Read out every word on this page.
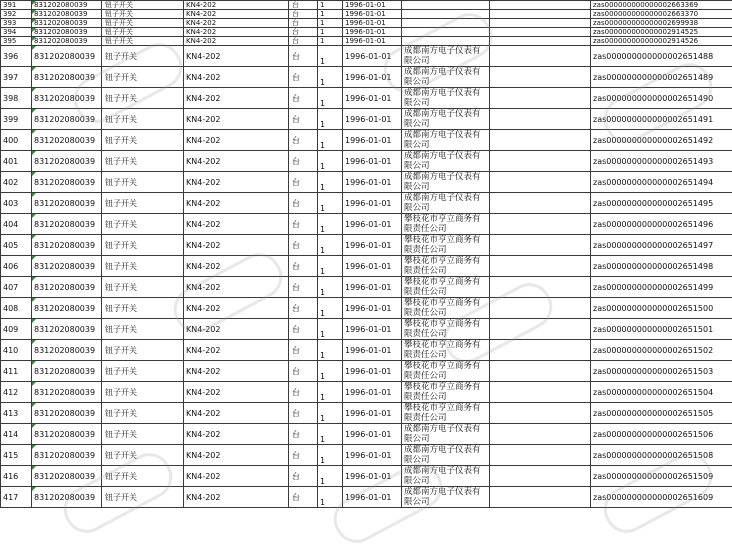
391	831202080039	钮子开关	KN4-202	台	1	1996-01-01			zas000000000000002663369
392	831202080039	钮子开关	KN4-202	台	1	1996-01-01			zas000000000000002663370
393	831202080039	钮子开关	KN4-202	台	1	1996-01-01			zas000000000000002699938
394	831202080039	钮子开关	KN4-202	台	1	1996-01-01			zas000000000000002914525
395	831202080039	钮子开关	KN4-202	台	1	1996-01-01			zas000000000000002914526
396	831202080039	钮子开关	KN4-202	台	1	1996-01-01	成都南方电子仪表有限公司		zas000000000000002651488
397	831202080039	钮子开关	KN4-202	台	1	1996-01-01	成都南方电子仪表有限公司		zas000000000000002651489
398	831202080039	钮子开关	KN4-202	台	1	1996-01-01	成都南方电子仪表有限公司		zas000000000000002651490
399	831202080039	钮子开关	KN4-202	台	1	1996-01-01	成都南方电子仪表有限公司		zas000000000000002651491
400	831202080039	钮子开关	KN4-202	台	1	1996-01-01	成都南方电子仪表有限公司		zas000000000000002651492
401	831202080039	钮子开关	KN4-202	台	1	1996-01-01	成都南方电子仪表有限公司		zas000000000000002651493
402	831202080039	钮子开关	KN4-202	台	1	1996-01-01	成都南方电子仪表有限公司		zas000000000000002651494
403	831202080039	钮子开关	KN4-202	台	1	1996-01-01	成都南方电子仪表有限公司		zas000000000000002651495
404	831202080039	钮子开关	KN4-202	台	1	1996-01-01	攀枝花市亨立商务有限责任公司		zas000000000000002651496
405	831202080039	钮子开关	KN4-202	台	1	1996-01-01	攀枝花市亨立商务有限责任公司		zas000000000000002651497
406	831202080039	钮子开关	KN4-202	台	1	1996-01-01	攀枝花市亨立商务有限责任公司		zas000000000000002651498
407	831202080039	钮子开关	KN4-202	台	1	1996-01-01	攀枝花市亨立商务有限责任公司		zas000000000000002651499
408	831202080039	钮子开关	KN4-202	台	1	1996-01-01	攀枝花市亨立商务有限责任公司		zas000000000000002651500
409	831202080039	钮子开关	KN4-202	台	1	1996-01-01	攀枝花市亨立商务有限责任公司		zas000000000000002651501
410	831202080039	钮子开关	KN4-202	台	1	1996-01-01	攀枝花市亨立商务有限责任公司		zas000000000000002651502
411	831202080039	钮子开关	KN4-202	台	1	1996-01-01	攀枝花市亨立商务有限责任公司		zas000000000000002651503
412	831202080039	钮子开关	KN4-202	台	1	1996-01-01	攀枝花市亨立商务有限责任公司		zas000000000000002651504
413	831202080039	钮子开关	KN4-202	台	1	1996-01-01	攀枝花市亨立商务有限责任公司		zas000000000000002651505
414	831202080039	钮子开关	KN4-202	台	1	1996-01-01	成都南方电子仪表有限公司		zas000000000000002651506
415	831202080039	钮子开关	KN4-202	台	1	1996-01-01	成都南方电子仪表有限公司		zas000000000000002651508
416	831202080039	钮子开关	KN4-202	台	1	1996-01-01	成都南方电子仪表有限公司		zas000000000000002651509
417	831202080039	钮子开关	KN4-202	台	1	1996-01-01	成都南方电子仪表有限公司		zas000000000000002651609
